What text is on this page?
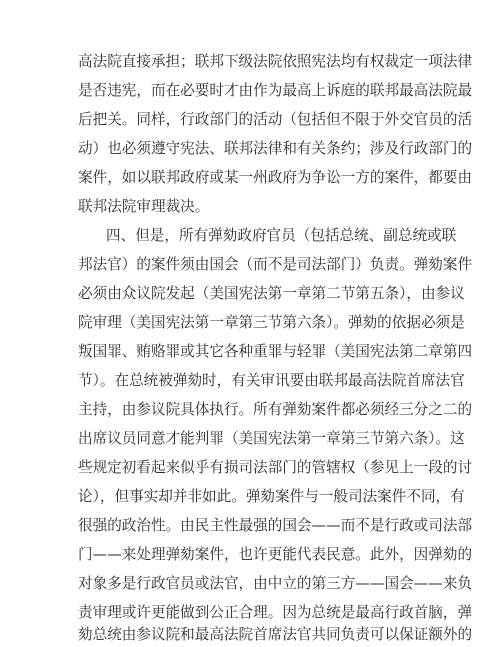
高法院直接承担；联邦下级法院依照宪法均有权裁定一项法律
是否违宪，而在必要时才由作为最高上诉庭的联邦最高法院最
后把关。同样，行政部门的活动（包括但不限于外交官员的活
动）也必须遵守宪法、联邦法律和有关条约；涉及行政部门的
案件，如以联邦政府或某一州政府为争讼一方的案件，都要由
联邦法院审理裁决。
四、但是，所有弹劾政府官员（包括总统、副总统或联
邦法官）的案件须由国会（而不是司法部门）负责。弹劾案件
必须由众议院发起（美国宪法第一章第二节第五条），由参议
院审理（美国宪法第一章第三节第六条）。弹劾的依据必须是
叛国罪、贿赂罪或其它各种重罪与轻罪（美国宪法第二章第四
节）。在总统被弹劾时，有关审讯要由联邦最高法院首席法官
主持，由参议院具体执行。所有弹劾案件都必须经三分之二的
出席议员同意才能判罪（美国宪法第一章第三节第六条）。这
些规定初看起来似乎有损司法部门的管辖权（参见上一段的讨
论），但事实却并非如此。弹劾案件与一般司法案件不同，有
很强的政治性。由民主性最强的国会——而不是行政或司法部
门——来处理弹劾案件，也许更能代表民意。此外，因弹劾的
对象多是行政官员或法官，由中立的第三方——国会——来负
责审理或许更能做到公正合理。因为总统是最高行政首脑，弹
劾总统由参议院和最高法院首席法官共同负责可以保证额外的
